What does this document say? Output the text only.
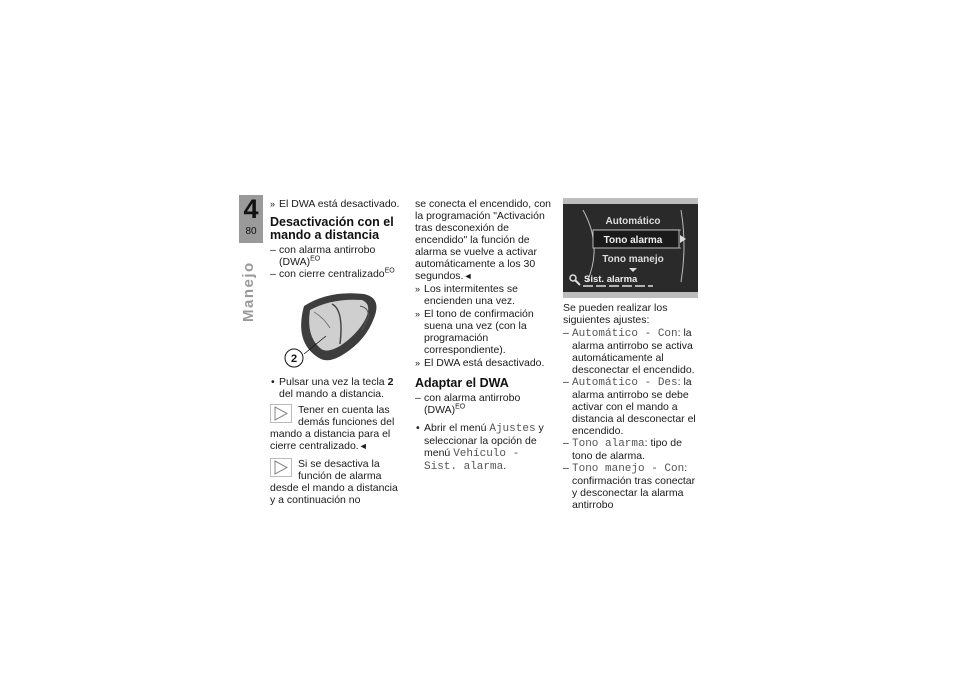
4
80
Manejo
» El DWA está desactivado.
Desactivación con el mando a distancia
– con alarma antirrobo (DWA)$^{EO}$
– con cierre centralizado$^{EO}$
2
• Pulsar una vez la tecla 2 del mando a distancia.
Tener en cuenta las demás funciones del mando a distancia para el cierre centralizado.◄
Si se desactiva la función de alarma desde el mando a distancia y a continuación no
se conecta el encendido, con la programación "Activación tras desconexión de encendido" la función de alarma se vuelve a activar automáticamente a los 30 segundos.◄
» Los intermitentes se encienden una vez.
» El tono de confirmación suena una vez (con la programación correspondiente).
» El DWA está desactivado.
Adaptar el DWA
– con alarma antirrobo (DWA)$^{EO}$
• Abrir el menú Ajustes y seleccionar la opción de menú Vehículo - Sist. alarma.
Automático
Tono alarma
Tono manejo
Sist. alarma
Se pueden realizar los siguientes ajustes:
– Automático - Con: la alarma antirrobo se activa automáticamente al desconectar el encendido.
– Automático - Des: la alarma antirrobo se debe activar con el mando a distancia al desconectar el encendido.
– Tono alarma: tipo de tono de alarma.
– Tono manejo - Con: confirmación tras conectar y desconectar la alarma antirrobo
